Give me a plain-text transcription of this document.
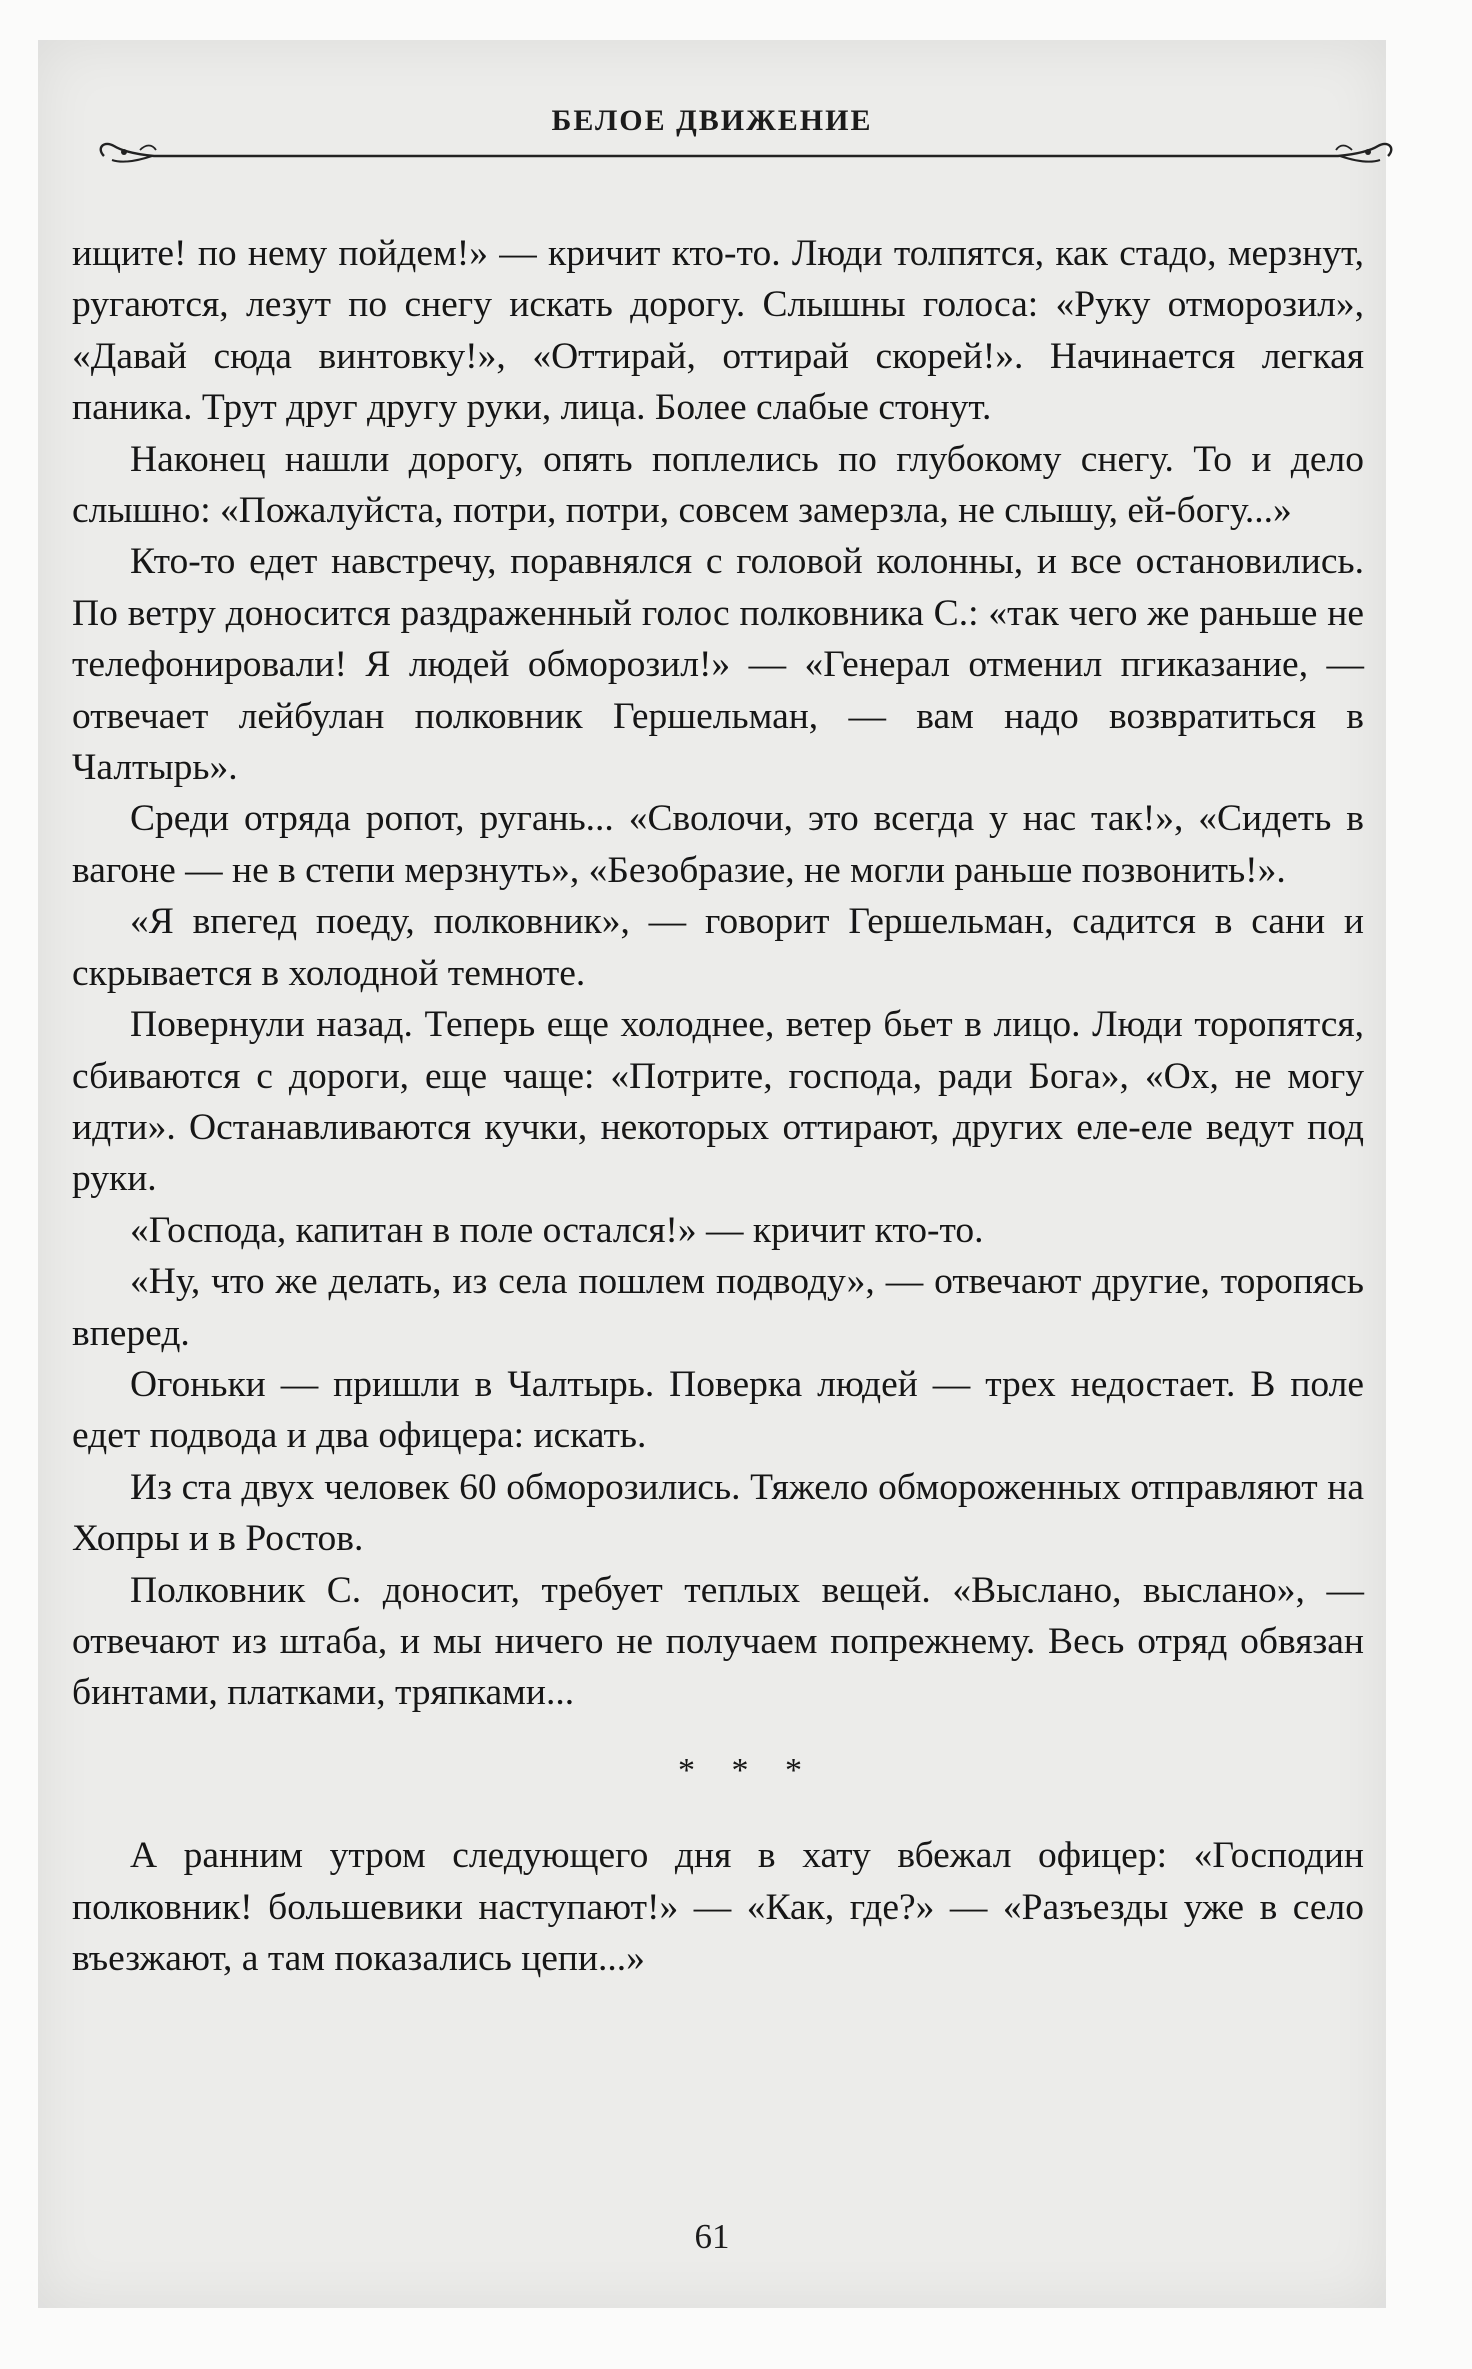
БЕЛОЕ ДВИЖЕНИЕ

ищите! по нему пойдем!» — кричит кто-то. Люди толпятся, как стадо, мерзнут, ругаются, лезут по снегу искать дорогу. Слышны голоса: «Руку отморозил», «Давай сюда винтовку!», «Оттирай, оттирай скорей!». Начинается легкая паника. Трут друг другу руки, лица. Более слабые стонут.

Наконец нашли дорогу, опять поплелись по глубокому снегу. То и дело слышно: «Пожалуйста, потри, потри, совсем замерзла, не слышу, ей-богу...»

Кто-то едет навстречу, поравнялся с головой колонны, и все остановились. По ветру доносится раздраженный голос полковника С.: «так чего же раньше не телефонировали! Я людей обморозил!» — «Генерал отменил пгиказание, — отвечает лейбулан полковник Гершельман, — вам надо возвратиться в Чалтырь».

Среди отряда ропот, ругань... «Сволочи, это всегда у нас так!», «Сидеть в вагоне — не в степи мерзнуть», «Безобразие, не могли раньше позвонить!».

«Я впегед поеду, полковник», — говорит Гершельман, садится в сани и скрывается в холодной темноте.

Повернули назад. Теперь еще холоднее, ветер бьет в лицо. Люди торопятся, сбиваются с дороги, еще чаще: «Потрите, господа, ради Бога», «Ох, не могу идти». Останавливаются кучки, некоторых оттирают, других еле-еле ведут под руки.

«Господа, капитан в поле остался!» — кричит кто-то.

«Ну, что же делать, из села пошлем подводу», — отвечают другие, торопясь вперед.

Огоньки — пришли в Чалтырь. Поверка людей — трех недостает. В поле едет подвода и два офицера: искать.

Из ста двух человек 60 обморозились. Тяжело обмороженных отправляют на Хопры и в Ростов.

Полковник С. доносит, требует теплых вещей. «Выслано, выслано», — отвечают из штаба, и мы ничего не получаем попрежнему. Весь отряд обвязан бинтами, платками, тряпками...

* * *

А ранним утром следующего дня в хату вбежал офицер: «Господин полковник! большевики наступают!» — «Как, где?» — «Разъезды уже в село въезжают, а там показались цепи...»

61
